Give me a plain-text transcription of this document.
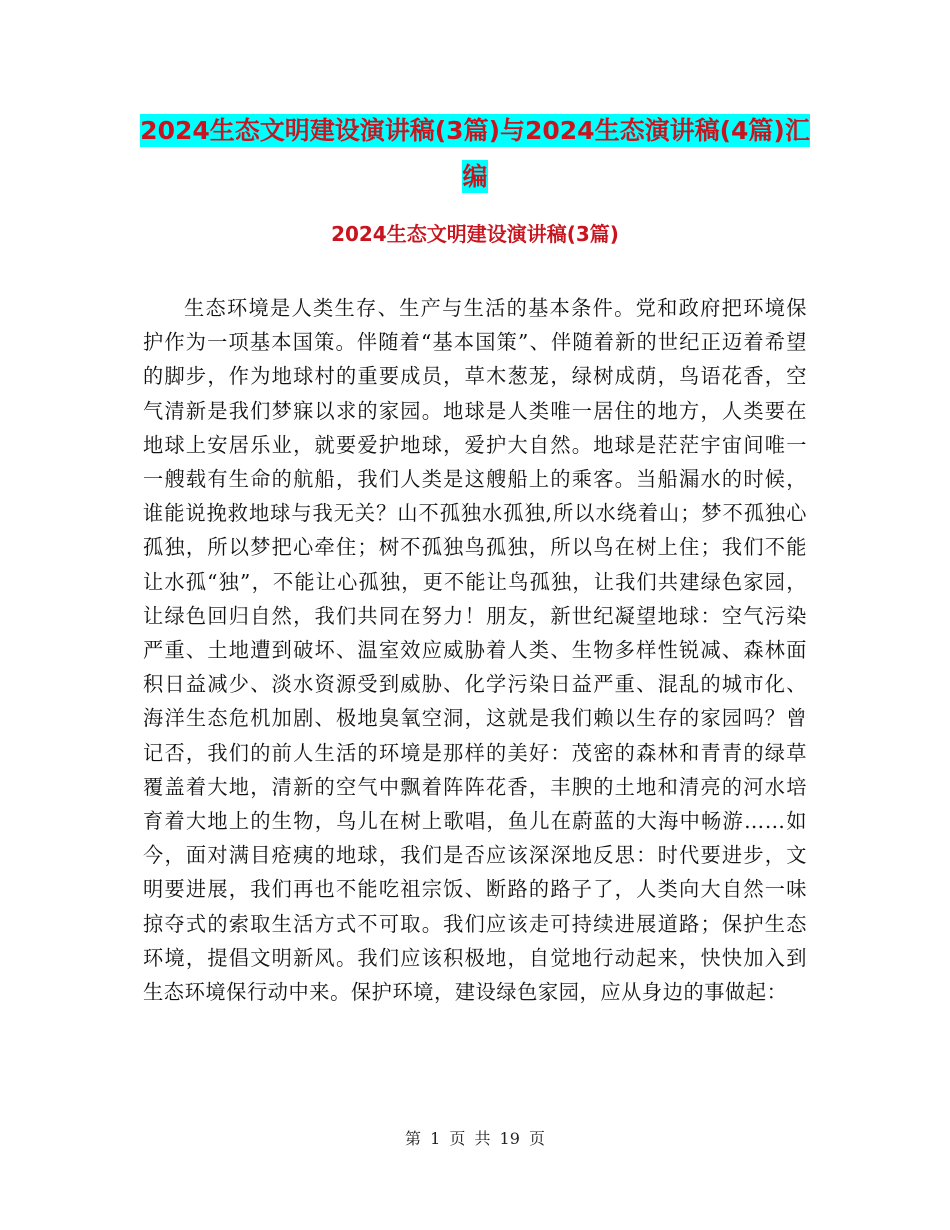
2024生态文明建设演讲稿(3篇)与2024生态演讲稿(4篇)汇编
2024生态文明建设演讲稿(3篇)

生态环境是人类生存、生产与生活的基本条件。党和政府把环境保护作为一项基本国策。伴随着“基本国策”、伴随着新的世纪正迈着希望的脚步，作为地球村的重要成员，草木葱茏，绿树成荫，鸟语花香，空气清新是我们梦寐以求的家园。地球是人类唯一居住的地方，人类要在地球上安居乐业，就要爱护地球，爱护大自然。地球是茫茫宇宙间唯一一艘载有生命的航船，我们人类是这艘船上的乘客。当船漏水的时候，谁能说挽救地球与我无关？山不孤独水孤独,所以水绕着山；梦不孤独心孤独，所以梦把心牵住；树不孤独鸟孤独，所以鸟在树上住；我们不能让水孤“独”，不能让心孤独，更不能让鸟孤独，让我们共建绿色家园，让绿色回归自然，我们共同在努力！朋友，新世纪凝望地球：空气污染严重、土地遭到破坏、温室效应威胁着人类、生物多样性锐减、森林面积日益减少、淡水资源受到威胁、化学污染日益严重、混乱的城市化、海洋生态危机加剧、极地臭氧空洞，这就是我们赖以生存的家园吗？曾记否，我们的前人生活的环境是那样的美好：茂密的森林和青青的绿草覆盖着大地，清新的空气中飘着阵阵花香，丰腴的土地和清亮的河水培育着大地上的生物，鸟儿在树上歌唱，鱼儿在蔚蓝的大海中畅游……如今，面对满目疮痍的地球，我们是否应该深深地反思：时代要进步，文明要进展，我们再也不能吃祖宗饭、断路的路子了，人类向大自然一味掠夺式的索取生活方式不可取。我们应该走可持续进展道路；保护生态环境，提倡文明新风。我们应该积极地，自觉地行动起来，快快加入到生态环境保行动中来。保护环境，建设绿色家园，应从身边的事做起：

第 1 页 共 19 页
